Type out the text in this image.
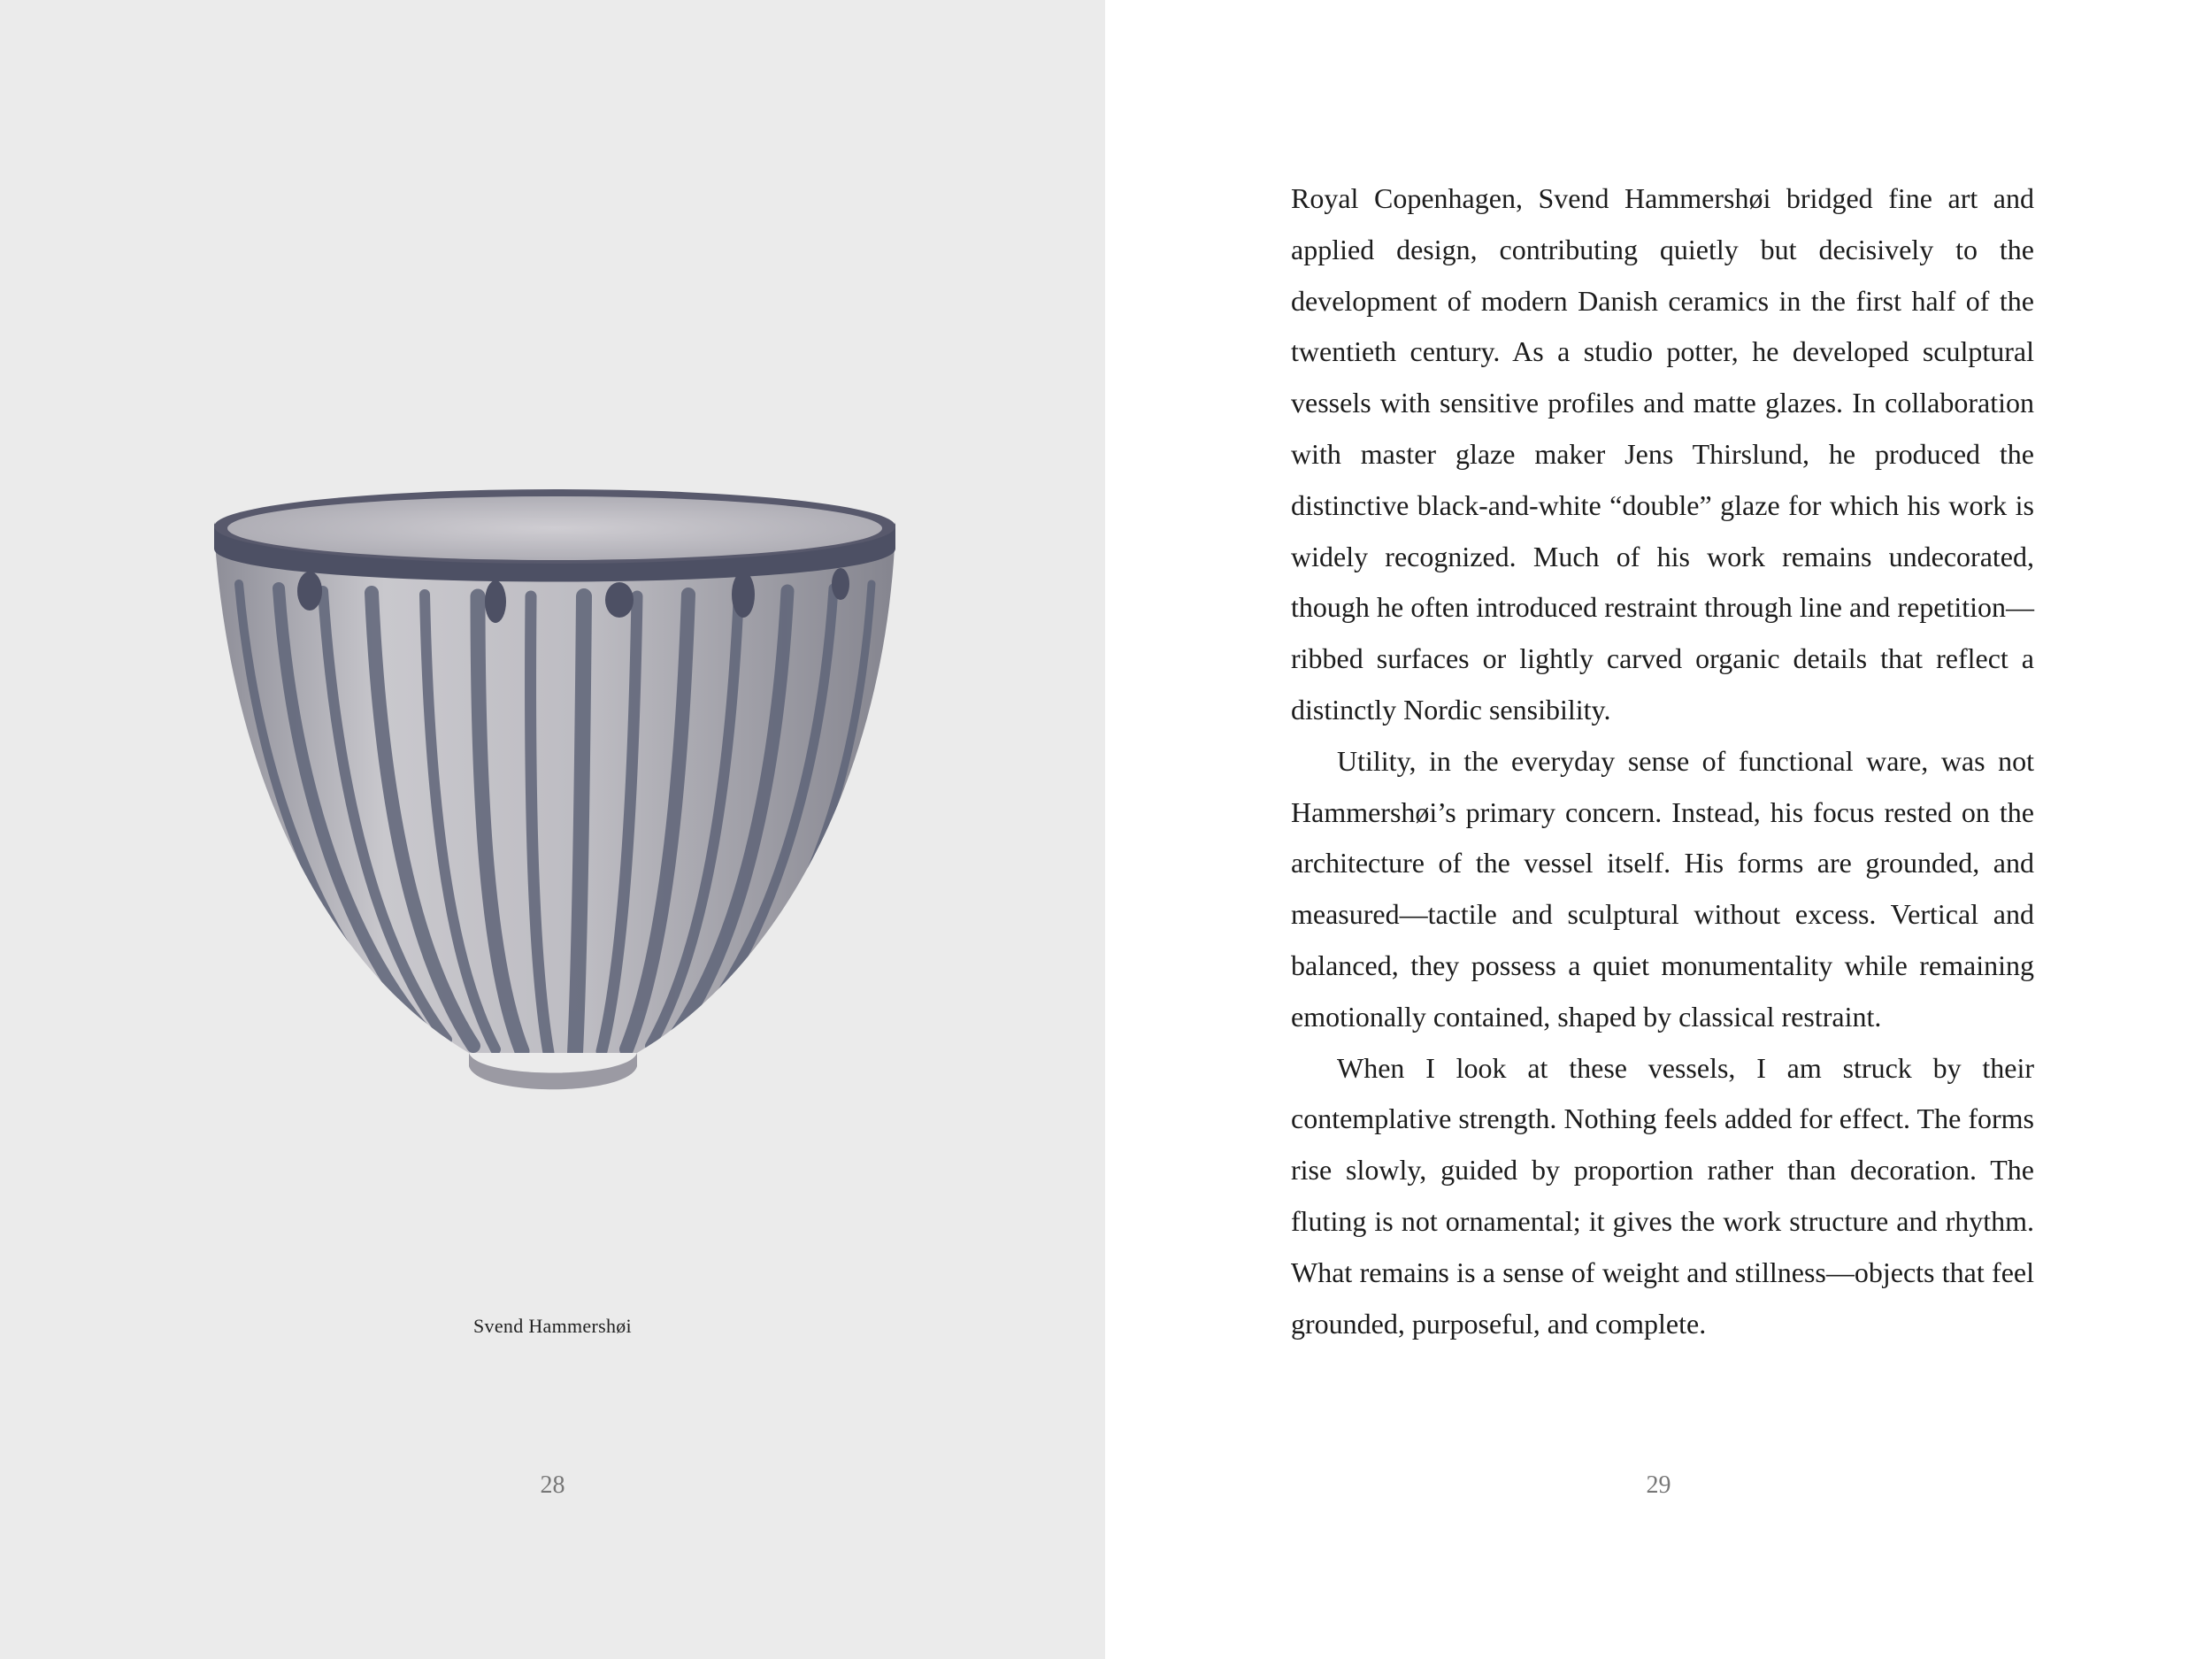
Svend Hammershøi
28

Royal Copenhagen, Svend Hammershøi bridged fine art and applied design, contributing quietly but decisively to the development of modern Danish ceramics in the first half of the twentieth century. As a studio potter, he developed sculptural vessels with sensitive profiles and matte glazes. In collaboration with master glaze maker Jens Thirslund, he produced the distinctive black-and-white “double” glaze for which his work is widely recognized. Much of his work remains undecorated, though he often introduced restraint through line and repetition—ribbed surfaces or lightly carved organic details that reflect a distinctly Nordic sensibility.

Utility, in the everyday sense of functional ware, was not Hammershøi’s primary concern. Instead, his focus rested on the architecture of the vessel itself. His forms are grounded, and measured—tactile and sculptural without excess. Vertical and balanced, they possess a quiet monumentality while remaining emotionally contained, shaped by classical restraint.

When I look at these vessels, I am struck by their contemplative strength. Nothing feels added for effect. The forms rise slowly, guided by proportion rather than decoration. The fluting is not ornamental; it gives the work structure and rhythm. What remains is a sense of weight and stillness—objects that feel grounded, purposeful, and complete.

29
